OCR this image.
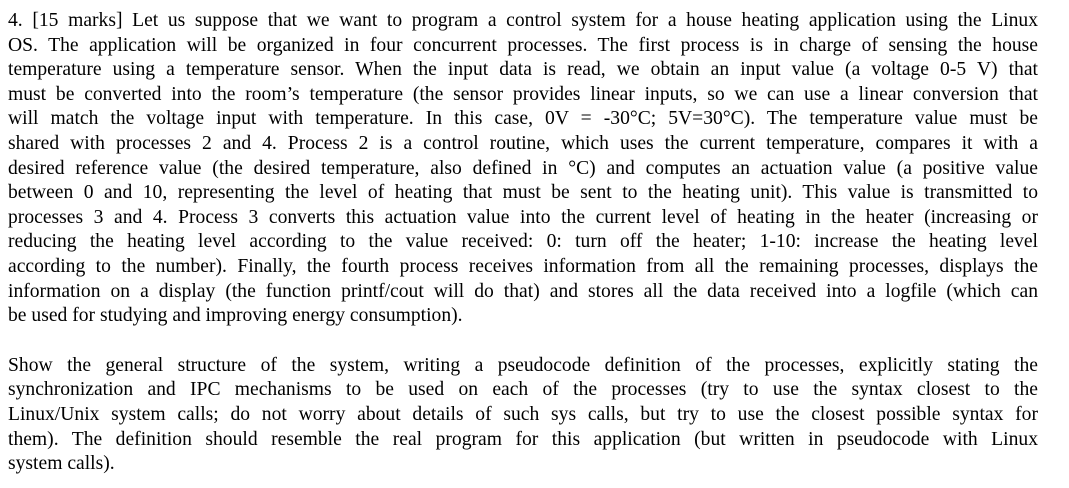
4. [15 marks] Let us suppose that we want to program a control system for a house heating application using the Linux
OS. The application will be organized in four concurrent processes. The first process is in charge of sensing the house
temperature using a temperature sensor. When the input data is read, we obtain an input value (a voltage 0-5 V) that
must be converted into the room’s temperature (the sensor provides linear inputs, so we can use a linear conversion that
will match the voltage input with temperature. In this case, 0V = -30°C; 5V=30°C). The temperature value must be
shared with processes 2 and 4. Process 2 is a control routine, which uses the current temperature, compares it with a
desired reference value (the desired temperature, also defined in °C) and computes an actuation value (a positive value
between 0 and 10, representing the level of heating that must be sent to the heating unit). This value is transmitted to
processes 3 and 4. Process 3 converts this actuation value into the current level of heating in the heater (increasing or
reducing the heating level according to the value received: 0: turn off the heater; 1-10: increase the heating level
according to the number). Finally, the fourth process receives information from all the remaining processes, displays the
information on a display (the function printf/cout will do that) and stores all the data received into a logfile (which can
be used for studying and improving energy consumption).
Show the general structure of the system, writing a pseudocode definition of the processes, explicitly stating the
synchronization and IPC mechanisms to be used on each of the processes (try to use the syntax closest to the
Linux/Unix system calls; do not worry about details of such sys calls, but try to use the closest possible syntax for
them). The definition should resemble the real program for this application (but written in pseudocode with Linux
system calls).
